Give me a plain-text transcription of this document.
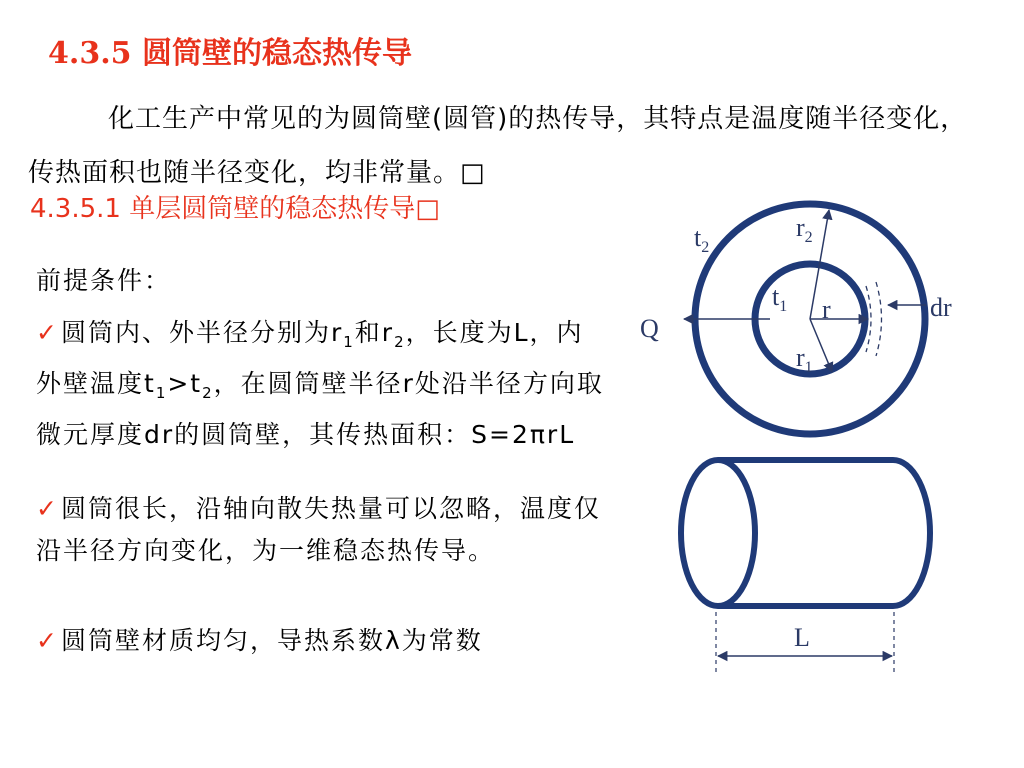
4.3.5 圆筒壁的稳态热传导
化工生产中常见的为圆筒壁(圆管)的热传导，其特点是温度随半径变化，传热面积也随半径变化，均非常量。□
4.3.5.1 单层圆筒壁的稳态热传导□
前提条件：
✓圆筒内、外半径分别为$r_1$和$r_2$，长度为L，内外壁温度$t_1>t_2$，在圆筒壁半径r处沿半径方向取微元厚度dr的圆筒壁，其传热面积：S=2πrL
✓圆筒很长，沿轴向散失热量可以忽略，温度仅沿半径方向变化，为一维稳态热传导。
✓圆筒壁材质均匀，导热系数λ为常数
$t_2$
$r_2$
$t_1$ r	dr
Q
$r_1$
L
